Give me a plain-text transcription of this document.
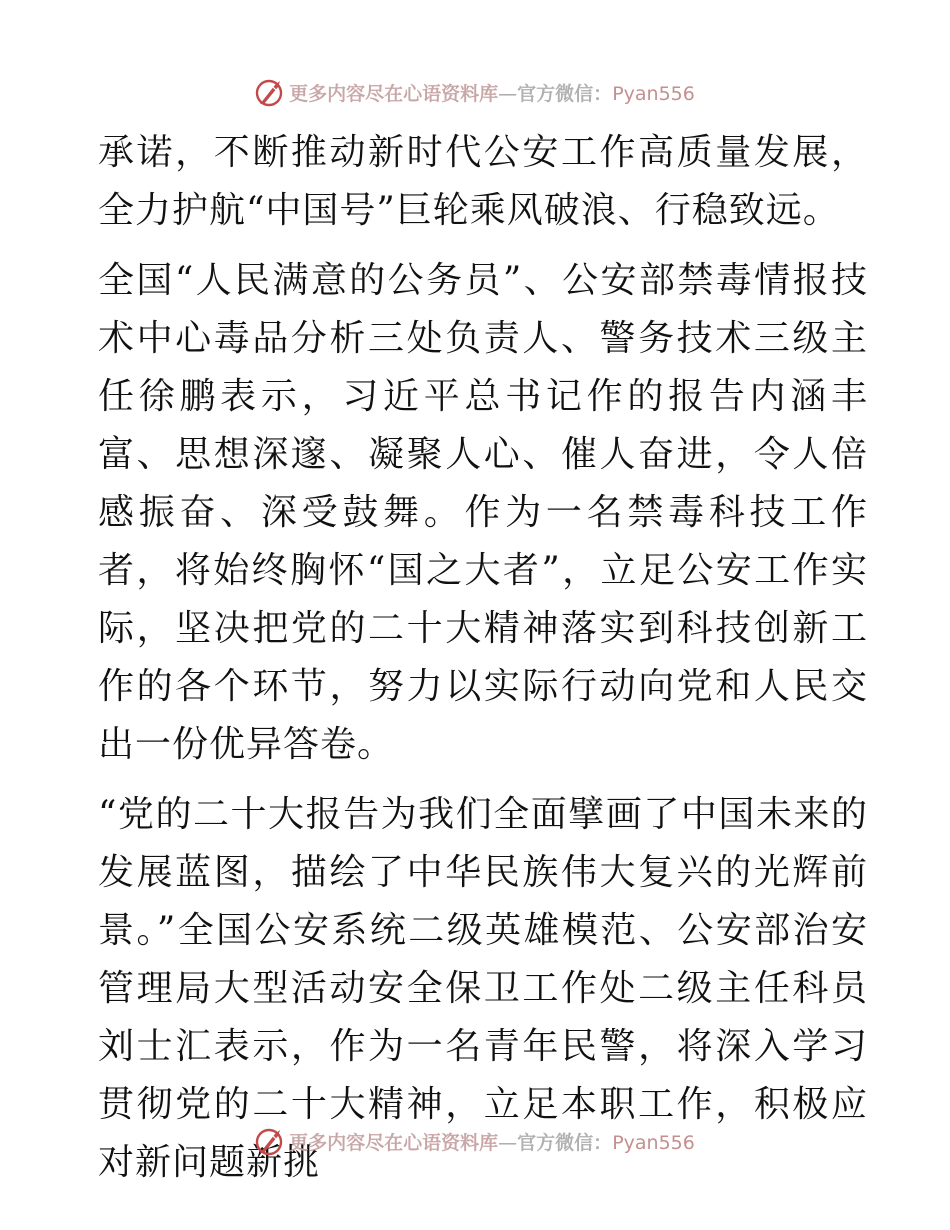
更多内容尽在心语资料库—官方微信：Pyan556

承诺，不断推动新时代公安工作高质量发展，全力护航“中国号”巨轮乘风破浪、行稳致远。

全国“人民满意的公务员”、公安部禁毒情报技术中心毒品分析三处负责人、警务技术三级主任徐鹏表示，习近平总书记作的报告内涵丰富、思想深邃、凝聚人心、催人奋进，令人倍感振奋、深受鼓舞。作为一名禁毒科技工作者，将始终胸怀“国之大者”，立足公安工作实际，坚决把党的二十大精神落实到科技创新工作的各个环节，努力以实际行动向党和人民交出一份优异答卷。

“党的二十大报告为我们全面擘画了中国未来的发展蓝图，描绘了中华民族伟大复兴的光辉前景。”全国公安系统二级英雄模范、公安部治安管理局大型活动安全保卫工作处二级主任科员刘士汇表示，作为一名青年民警，将深入学习贯彻党的二十大精神，立足本职工作，积极应对新问题新挑

更多内容尽在心语资料库—官方微信：Pyan556
